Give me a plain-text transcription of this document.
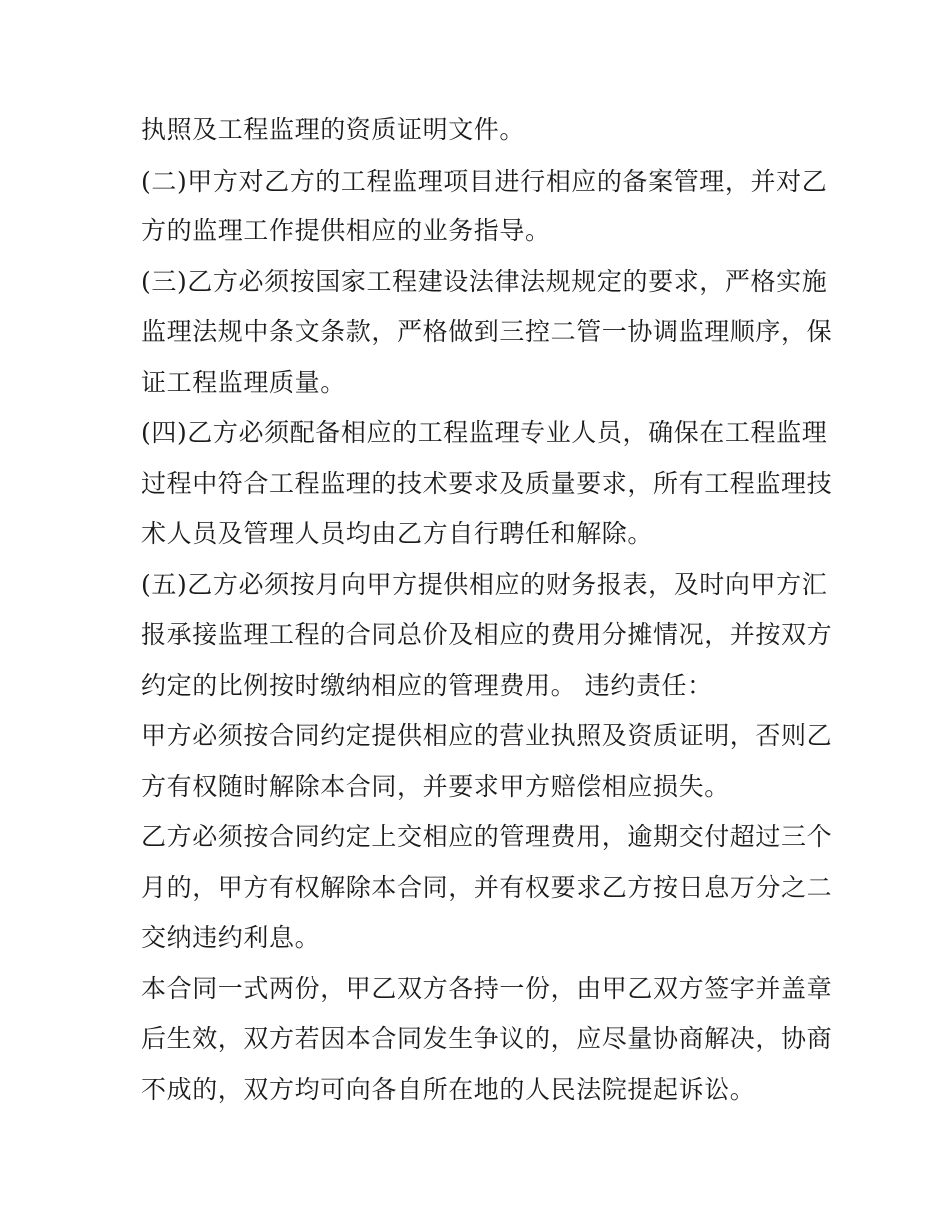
执照及工程监理的资质证明文件。
(二)甲方对乙方的工程监理项目进行相应的备案管理，并对乙
方的监理工作提供相应的业务指导。
(三)乙方必须按国家工程建设法律法规规定的要求，严格实施
监理法规中条文条款，严格做到三控二管一协调监理顺序，保
证工程监理质量。
(四)乙方必须配备相应的工程监理专业人员，确保在工程监理
过程中符合工程监理的技术要求及质量要求，所有工程监理技
术人员及管理人员均由乙方自行聘任和解除。
(五)乙方必须按月向甲方提供相应的财务报表，及时向甲方汇
报承接监理工程的合同总价及相应的费用分摊情况，并按双方
约定的比例按时缴纳相应的管理费用。 违约责任：
甲方必须按合同约定提供相应的营业执照及资质证明，否则乙
方有权随时解除本合同，并要求甲方赔偿相应损失。
乙方必须按合同约定上交相应的管理费用，逾期交付超过三个
月的，甲方有权解除本合同，并有权要求乙方按日息万分之二
交纳违约利息。
本合同一式两份，甲乙双方各持一份，由甲乙双方签字并盖章
后生效，双方若因本合同发生争议的，应尽量协商解决，协商
不成的，双方均可向各自所在地的人民法院提起诉讼。
